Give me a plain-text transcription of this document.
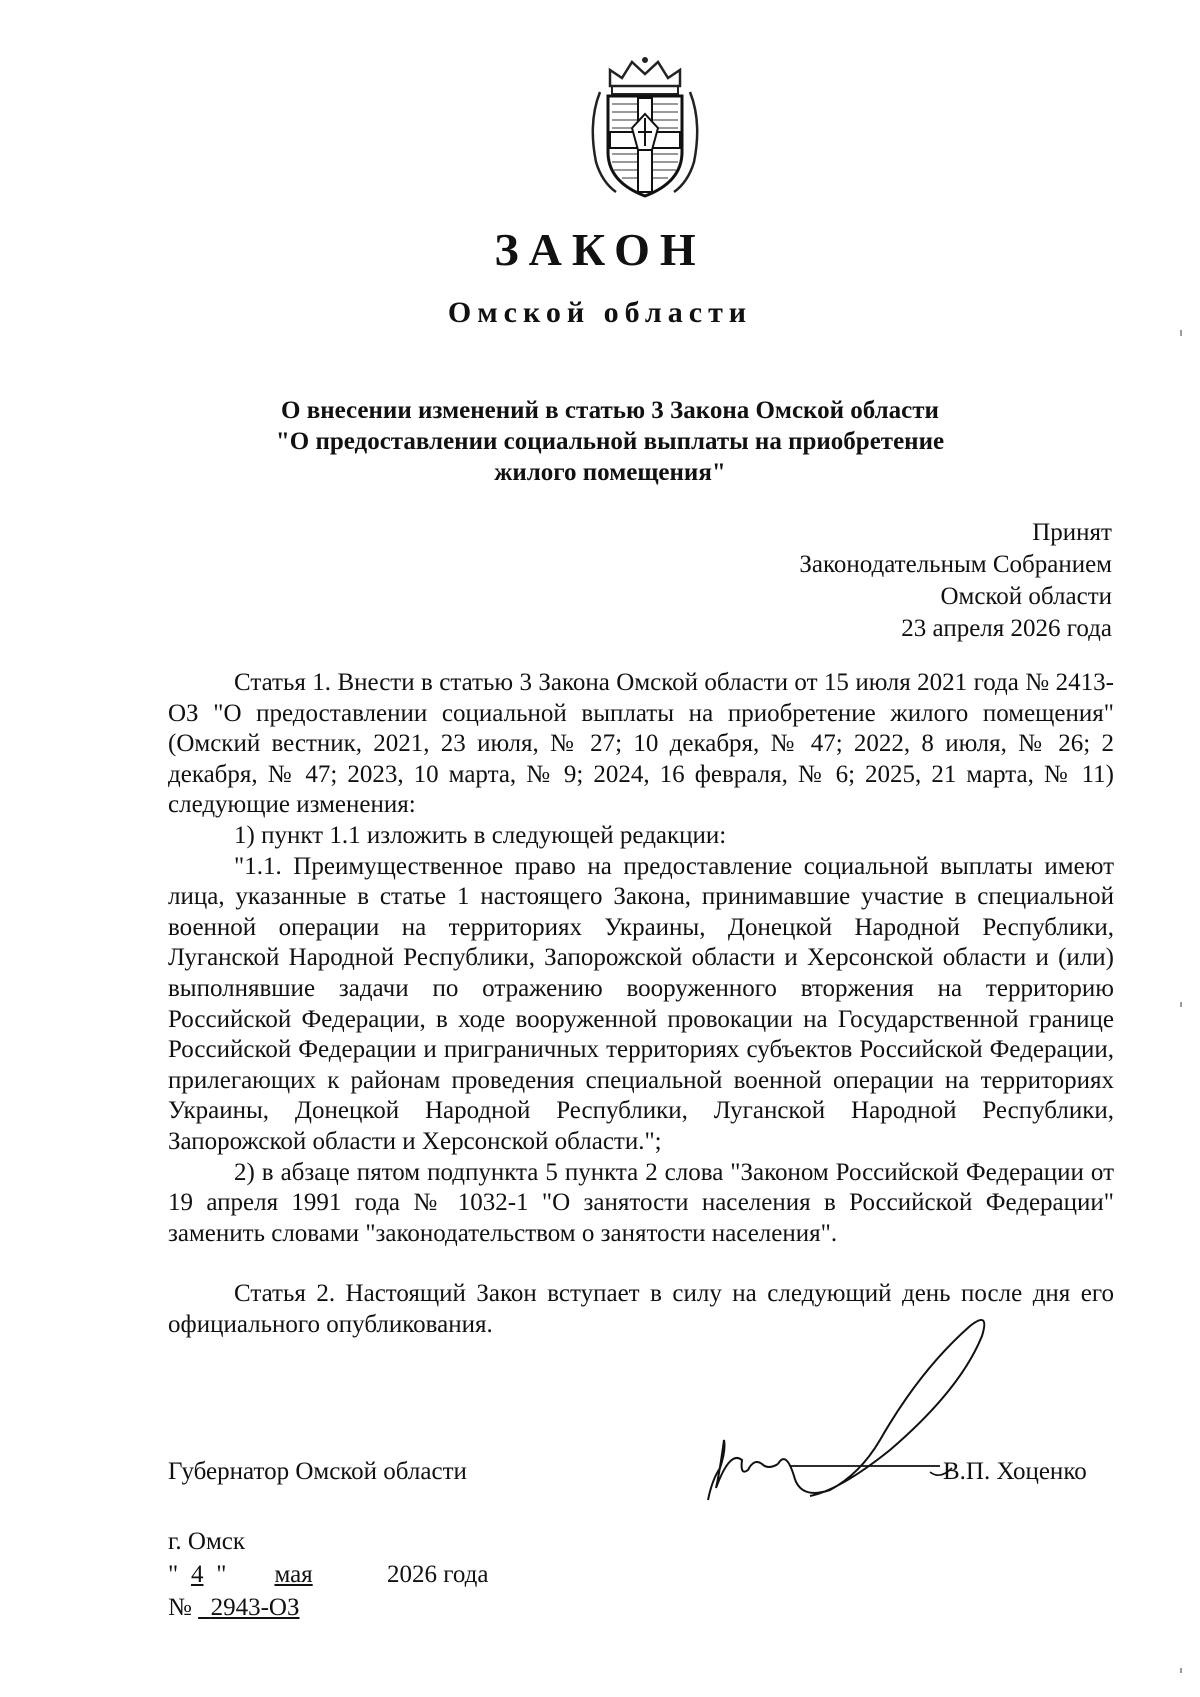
ЗАКОН
Омской области
О внесении изменений в статью 3 Закона Омской области
"О предоставлении социальной выплаты на приобретение
жилого помещения"
Принят
Законодательным Собранием
Омской области
23 апреля 2026 года

Статья 1. Внести в статью 3 Закона Омской области от 15 июля 2021 года № 2413-ОЗ "О предоставлении социальной выплаты на приобретение жилого помещения" (Омский вестник, 2021, 23 июля, № 27; 10 декабря, № 47; 2022, 8 июля, № 26; 2 декабря, № 47; 2023, 10 марта, № 9; 2024, 16 февраля, № 6; 2025, 21 марта, № 11) следующие изменения:

1) пункт 1.1 изложить в следующей редакции:

"1.1. Преимущественное право на предоставление социальной выплаты имеют лица, указанные в статье 1 настоящего Закона, принимавшие участие в специальной военной операции на территориях Украины, Донецкой Народной Республики, Луганской Народной Республики, Запорожской области и Херсонской области и (или) выполнявшие задачи по отражению вооруженного вторжения на территорию Российской Федерации, в ходе вооруженной провокации на Государственной границе Российской Федерации и приграничных территориях субъектов Российской Федерации, прилегающих к районам проведения специальной военной операции на территориях Украины, Донецкой Народной Республики, Луганской Народной Республики, Запорожской области и Херсонской области.";

2) в абзаце пятом подпункта 5 пункта 2 слова "Законом Российской Федерации от 19 апреля 1991 года № 1032-1 "О занятости населения в Российской Федерации" заменить словами "законодательством о занятости населения".

Статья 2. Настоящий Закон вступает в силу на следующий день после дня его официального опубликования.

Губернатор Омской области	В.П. Хоценко
г. Омск
" 4 " мая	2026 года
№ 2943-ОЗ
